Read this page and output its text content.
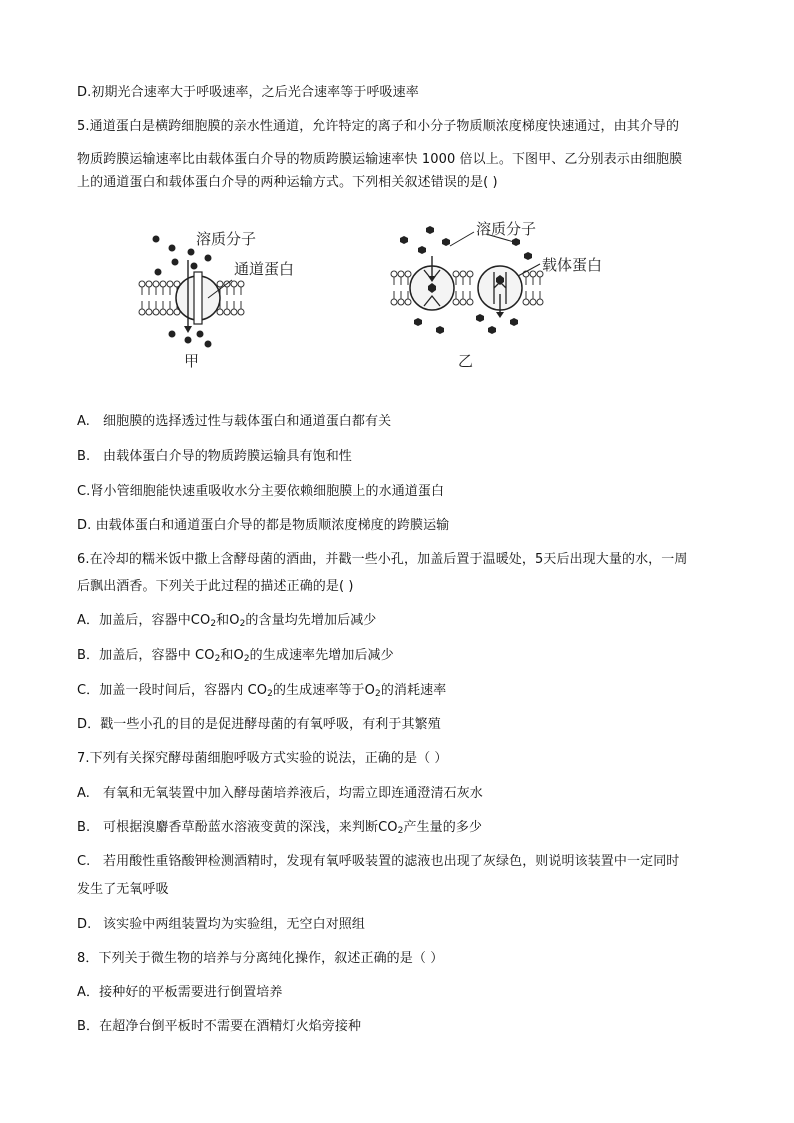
D.初期光合速率大于呼吸速率，之后光合速率等于呼吸速率
5.通道蛋白是横跨细胞膜的亲水性通道，允许特定的离子和小分子物质顺浓度梯度快速通过，由其介导的
物质跨膜运输速率比由载体蛋白介导的物质跨膜运输速率快 1000 倍以上。下图甲、乙分别表示由细胞膜
上的通道蛋白和载体蛋白介导的两种运输方式。下列相关叙述错误的是( )
溶质分子
通道蛋白
甲
溶质分子
载体蛋白
乙
A. 细胞膜的选择透过性与载体蛋白和通道蛋白都有关
B. 由载体蛋白介导的物质跨膜运输具有饱和性
C.肾小管细胞能快速重吸收水分主要依赖细胞膜上的水通道蛋白
D. 由载体蛋白和通道蛋白介导的都是物质顺浓度梯度的跨膜运输
6.在冷却的糯米饭中撒上含酵母菌的酒曲，并戳一些小孔，加盖后置于温暖处，5天后出现大量的水，一周
后飘出酒香。下列关于此过程的描述正确的是( )
A．加盖后，容器中$CO_2$和$O_2$的含量均先增加后减少
B．加盖后，容器中 $CO_2$和$O_2$的生成速率先增加后减少
C．加盖一段时间后，容器内 $CO_2$的生成速率等于$O_2$的消耗速率
D．戳一些小孔的目的是促进酵母菌的有氧呼吸，有利于其繁殖
7.下列有关探究酵母菌细胞呼吸方式实验的说法，正确的是（ ）
A. 有氧和无氧装置中加入酵母菌培养液后，均需立即连通澄清石灰水
B. 可根据溴麝香草酚蓝水溶液变黄的深浅，来判断$CO_2$产生量的多少
C. 若用酸性重铬酸钾检测酒精时，发现有氧呼吸装置的滤液也出现了灰绿色，则说明该装置中一定同时
发生了无氧呼吸
D. 该实验中两组装置均为实验组，无空白对照组
8．下列关于微生物的培养与分离纯化操作，叙述正确的是（ ）
A．接种好的平板需要进行倒置培养
B．在超净台倒平板时不需要在酒精灯火焰旁接种
